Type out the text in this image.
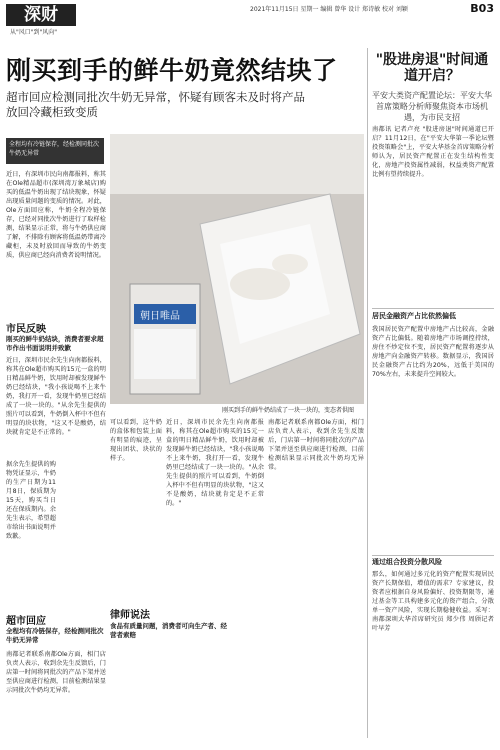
深财
从"风口"到"风向"
2021年11月15日 星期一 编辑 曾华 设计 郑诗敏 校对 刘颖	B03
刚买到手的鲜牛奶竟然结块了
超市回应检测同批次牛奶无异常，怀疑有顾客未及时将产品放回冷藏柜致变质
"股进房退"时间通道开启？
平安大类资产配置论坛：平安大华首席策略分析师聚焦资本市场机遇，为市民支招
全程均有冷链保存，经检测同批次牛奶无异常
近日，有深圳市民向南都报料，称其在Ole精品超市(深圳湾万象城店)购买的低温牛奶出现了结块现象，怀疑出现质量问题的变质的情况。对此，Ole方面回应称，牛奶全程冷链保存，已经对同批次牛奶进行了取样检测，结果显示正常，将与牛奶供应商了解，不排除有顾客将低温奶带离冷藏柜，未及时放回而导致的牛奶变质，供应商已经向消费者说明情况。
市民反映
刚买的鲜牛奶结块，消费者要求超市作出书面说明并致歉
近日，深圳市民余先生向南都报料，称其在Ole超市购买的15元一盒的明日精品鲜牛奶，饮用时却被发现鲜牛奶已经结块，"我小孩说喝不上来牛奶，我打开一看，发现牛奶里已经结成了一块一块的。"从余先生提供的照片可以看到，牛奶倒入杯中不但有明显的块状物，"这又不是酸奶，结块就肯定是不正常的。"
据余先生提供的购物凭证显示，牛奶的生产日期为11月8日，保质期为15天，购买当日还在保质期内。余先生表示，希望超市给出书面说明并致歉。
超市回应
全程均有冷链保存，经检测同批次牛奶无异常
南都记者联系南都Ole方面，相门店负责人表示，收到余先生反馈后，门店第一时间将同批次的产品下架并送至供应商进行检测，目前检测结果显示同批次牛奶均无异常。
朝日唯品
刚买到手的鲜牛奶结成了一块一块的，变态者供图
可以看到，这牛奶的盒体和包装上面有明显的痕迹，呈现出团状、块状的样子。
近日，深圳市民余先生向南都报料，称其在Ole超市购买的15元一盒的明日精品鲜牛奶，饮用时却被发现鲜牛奶已经结块，"我小孩说喝不上来牛奶，我打开一看，发现牛奶里已经结成了一块一块的。"从余先生提供的照片可以看到，牛奶倒入杯中不但有明显的块状物，"这又不是酸奶，结块就肯定是不正常的。"
南都记者联系南都Ole方面，相门店负责人表示，收到余先生反馈后，门店第一时间将同批次的产品下架并送至供应商进行检测，目前检测结果显示同批次牛奶均无异常。
律师说法
食品有质量问题，消费者可向生产者、经营者索赔
南都讯 记者卢亮 "股进房退"时间通道已开启？11月12日，在"平安大华第一季论坛暨投资策略会"上，平安大华基金首席策略分析师认为，居民资产配置正在发生结构性变化，房地产投资属性减弱，权益类资产配置比例有望持续提升。
居民金融资产占比依然偏低
我国居民资产配置中房地产占比较高，金融资产占比偏低。随着房地产市场调控持续，房住不炒定位不变，居民资产配置将逐步从房地产向金融资产转移。数据显示，我国居民金融资产占比约为20%，远低于美国的70%左右，未来提升空间较大。
通过组合投资分散风险
那么，如何通过多元化的资产配置实现居民资产长期保值，增值的需求？专家建议，投资者应根据自身风险偏好、投资期限等，通过基金等工具构建多元化的资产组合，分散单一资产风险，实现长期稳健收益。采写：南都深圳大华首席研究员 郑少伟 周颀记者 叶早芳
